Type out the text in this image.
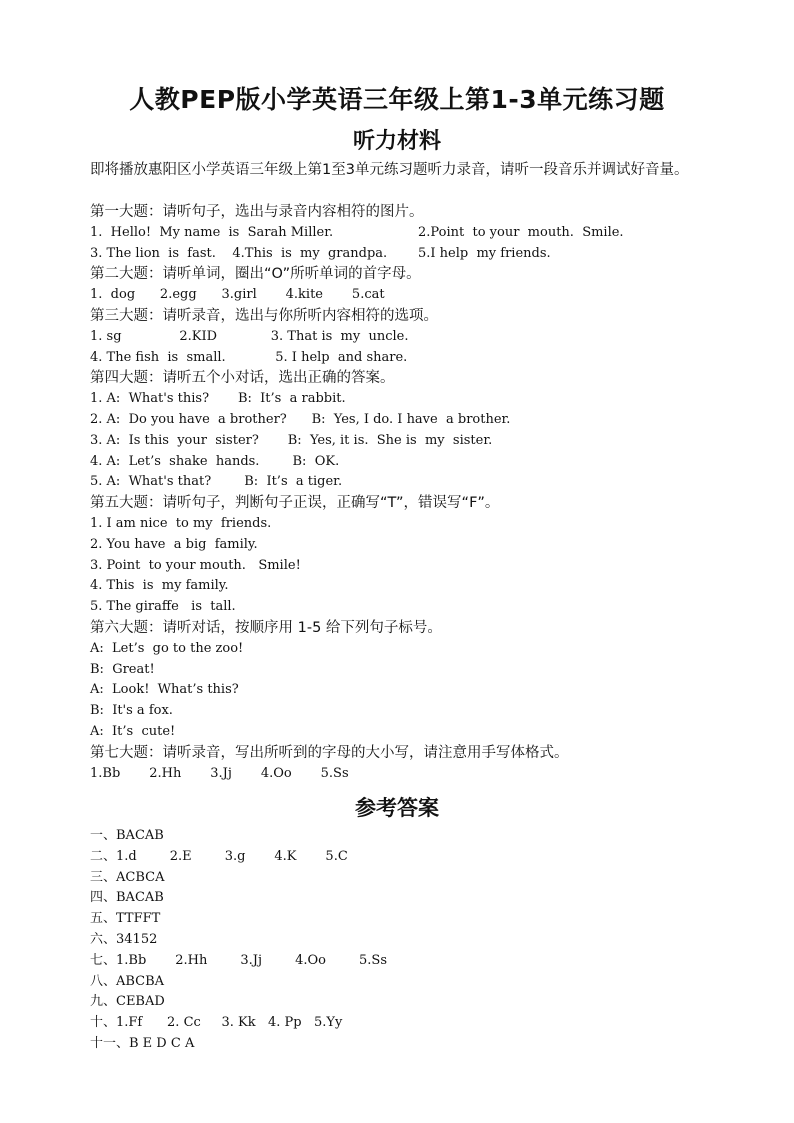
人教PEP版小学英语三年级上第1-3单元练习题
听力材料
即将播放惠阳区小学英语三年级上第1至3单元练习题听力录音，请听一段音乐并调试好音量。
第一大题：请听句子，选出与录音内容相符的图片。
1.  Hello!  My name  is  Sarah Miller.	2.Point  to your  mouth.  Smile.
3. The lion  is  fast.    4.This  is  my  grandpa.	5.I help  my friends.
第二大题：请听单词，圈出“O”所听单词的首字母。
1.  dog      2.egg      3.girl       4.kite       5.cat
第三大题：请听录音，选出与你所听内容相符的选项。
1. sg              2.KID             3. That is  my  uncle.
4. The fish  is  small.            5. I help  and share.
第四大题：请听五个小对话，选出正确的答案。
1. A:  What's this?       B:  It’s  a rabbit.
2. A:  Do you have  a brother?      B:  Yes, I do. I have  a brother.
3. A:  Is this  your  sister?       B:  Yes, it is.  She is  my  sister.
4. A:  Let’s  shake  hands.        B:  OK.
5. A:  What's that?        B:  It’s  a tiger.
第五大题：请听句子，判断句子正误，正确写“T”，错误写“F”。
1. I am nice  to my  friends.
2. You have  a big  family.
3. Point  to your mouth.   Smile!
4. This  is  my family.
5. The giraffe   is  tall.
第六大题：请听对话，按顺序用 1-5 给下列句子标号。
A:  Let’s  go to the zoo!
B:  Great!
A:  Look!  What’s this?
B:  It's a fox.
A:  It’s  cute!
第七大题：请听录音，写出所听到的字母的大小写，请注意用手写体格式。
1.Bb       2.Hh       3.Jj       4.Oo       5.Ss
参考答案
一、BACAB
二、1.d        2.E        3.g       4.K       5.C
三、ACBCA
四、BACAB
五、TTFFT
六、34152
七、1.Bb       2.Hh        3.Jj        4.Oo        5.Ss
八、ABCBA
九、CEBAD
十、1.Ff      2. Cc     3. Kk   4. Pp   5.Yy
十一、B E D C A
